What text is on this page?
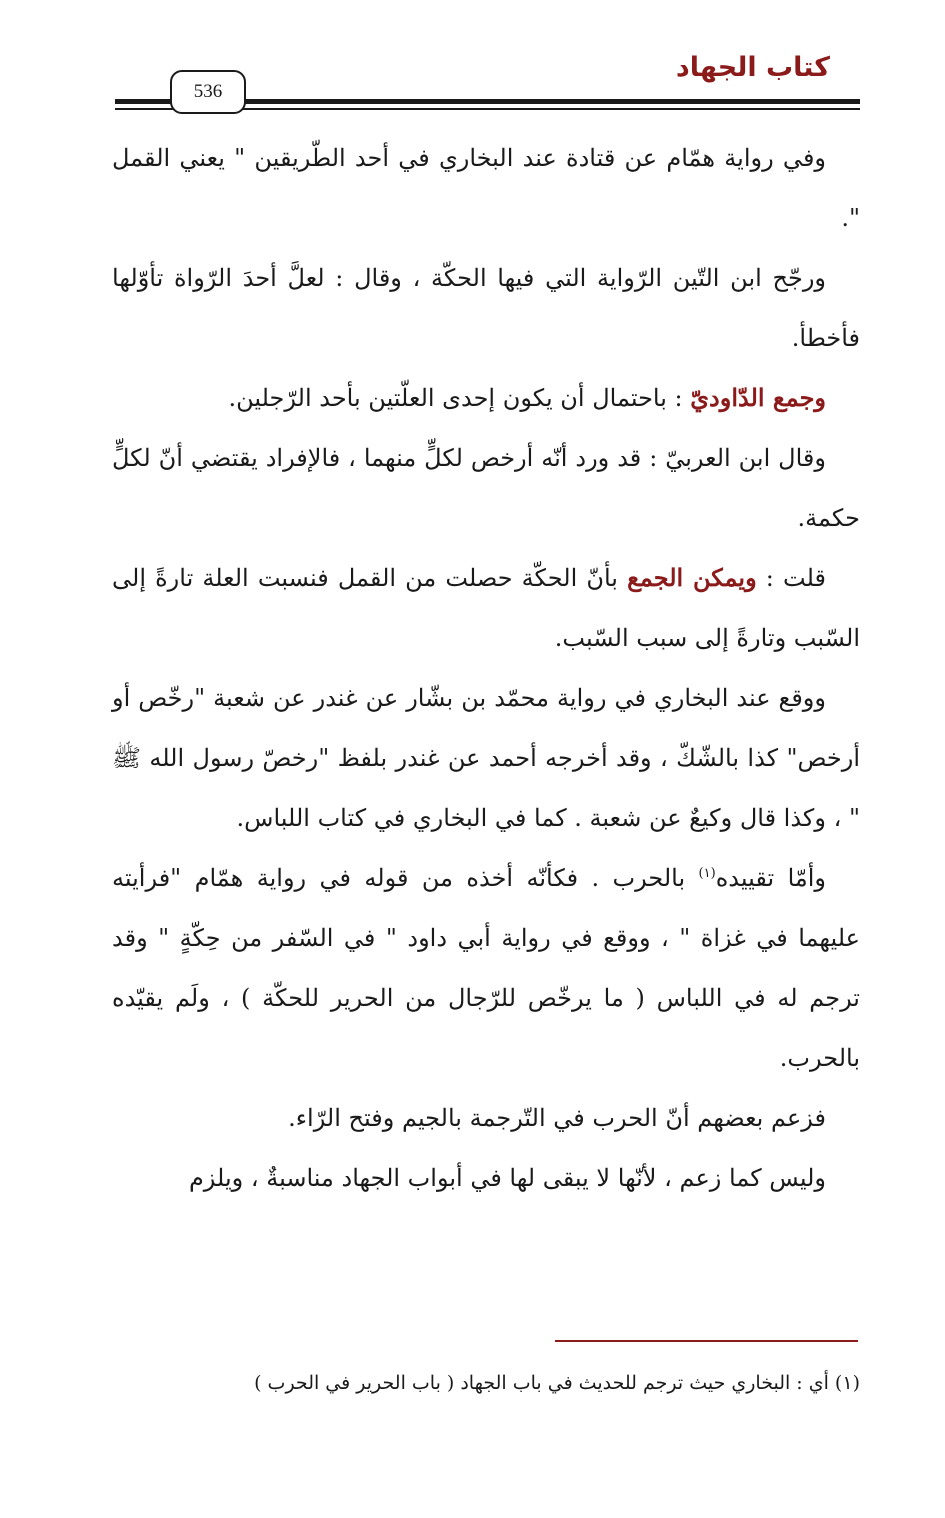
كتاب الجهاد
536

وفي رواية همّام عن قتادة عند البخاري في أحد الطّريقين " يعني القمل ".

ورجّح ابن التّين الرّواية التي فيها الحكّة ، وقال : لعلَّ أحدَ الرّواة تأوّلها فأخطأ.

وجمع الدّاوديّ : باحتمال أن يكون إحدى العلّتين بأحد الرّجلين.

وقال ابن العربيّ : قد ورد أنّه أرخص لكلٍّ منهما ، فالإفراد يقتضي أنّ لكلٍّ حكمة.

قلت : ويمكن الجمع بأنّ الحكّة حصلت من القمل فنسبت العلة تارةً إلى السّبب وتارةً إلى سبب السّبب.

ووقع عند البخاري في رواية محمّد بن بشّار عن غندر عن شعبة "رخّص أو أرخص" كذا بالشّكّ ، وقد أخرجه أحمد عن غندر بلفظ "رخصّ رسول الله ﷺ " ، وكذا قال وكيعٌ عن شعبة . كما في البخاري في كتاب اللباس.

وأمّا تقييده$^{(١)}$ بالحرب . فكأنّه أخذه من قوله في رواية همّام "فرأيته عليهما في غزاة " ، ووقع في رواية أبي داود " في السّفر من حِكّةٍ " وقد ترجم له في اللباس ( ما يرخّص للرّجال من الحرير للحكّة ) ، ولَم يقيّده بالحرب.

فزعم بعضهم أنّ الحرب في التّرجمة بالجيم وفتح الرّاء.

وليس كما زعم ، لأنّها لا يبقى لها في أبواب الجهاد مناسبةٌ ، ويلزم

(١) أي : البخاري حيث ترجم للحديث في باب الجهاد ( باب الحرير في الحرب )
